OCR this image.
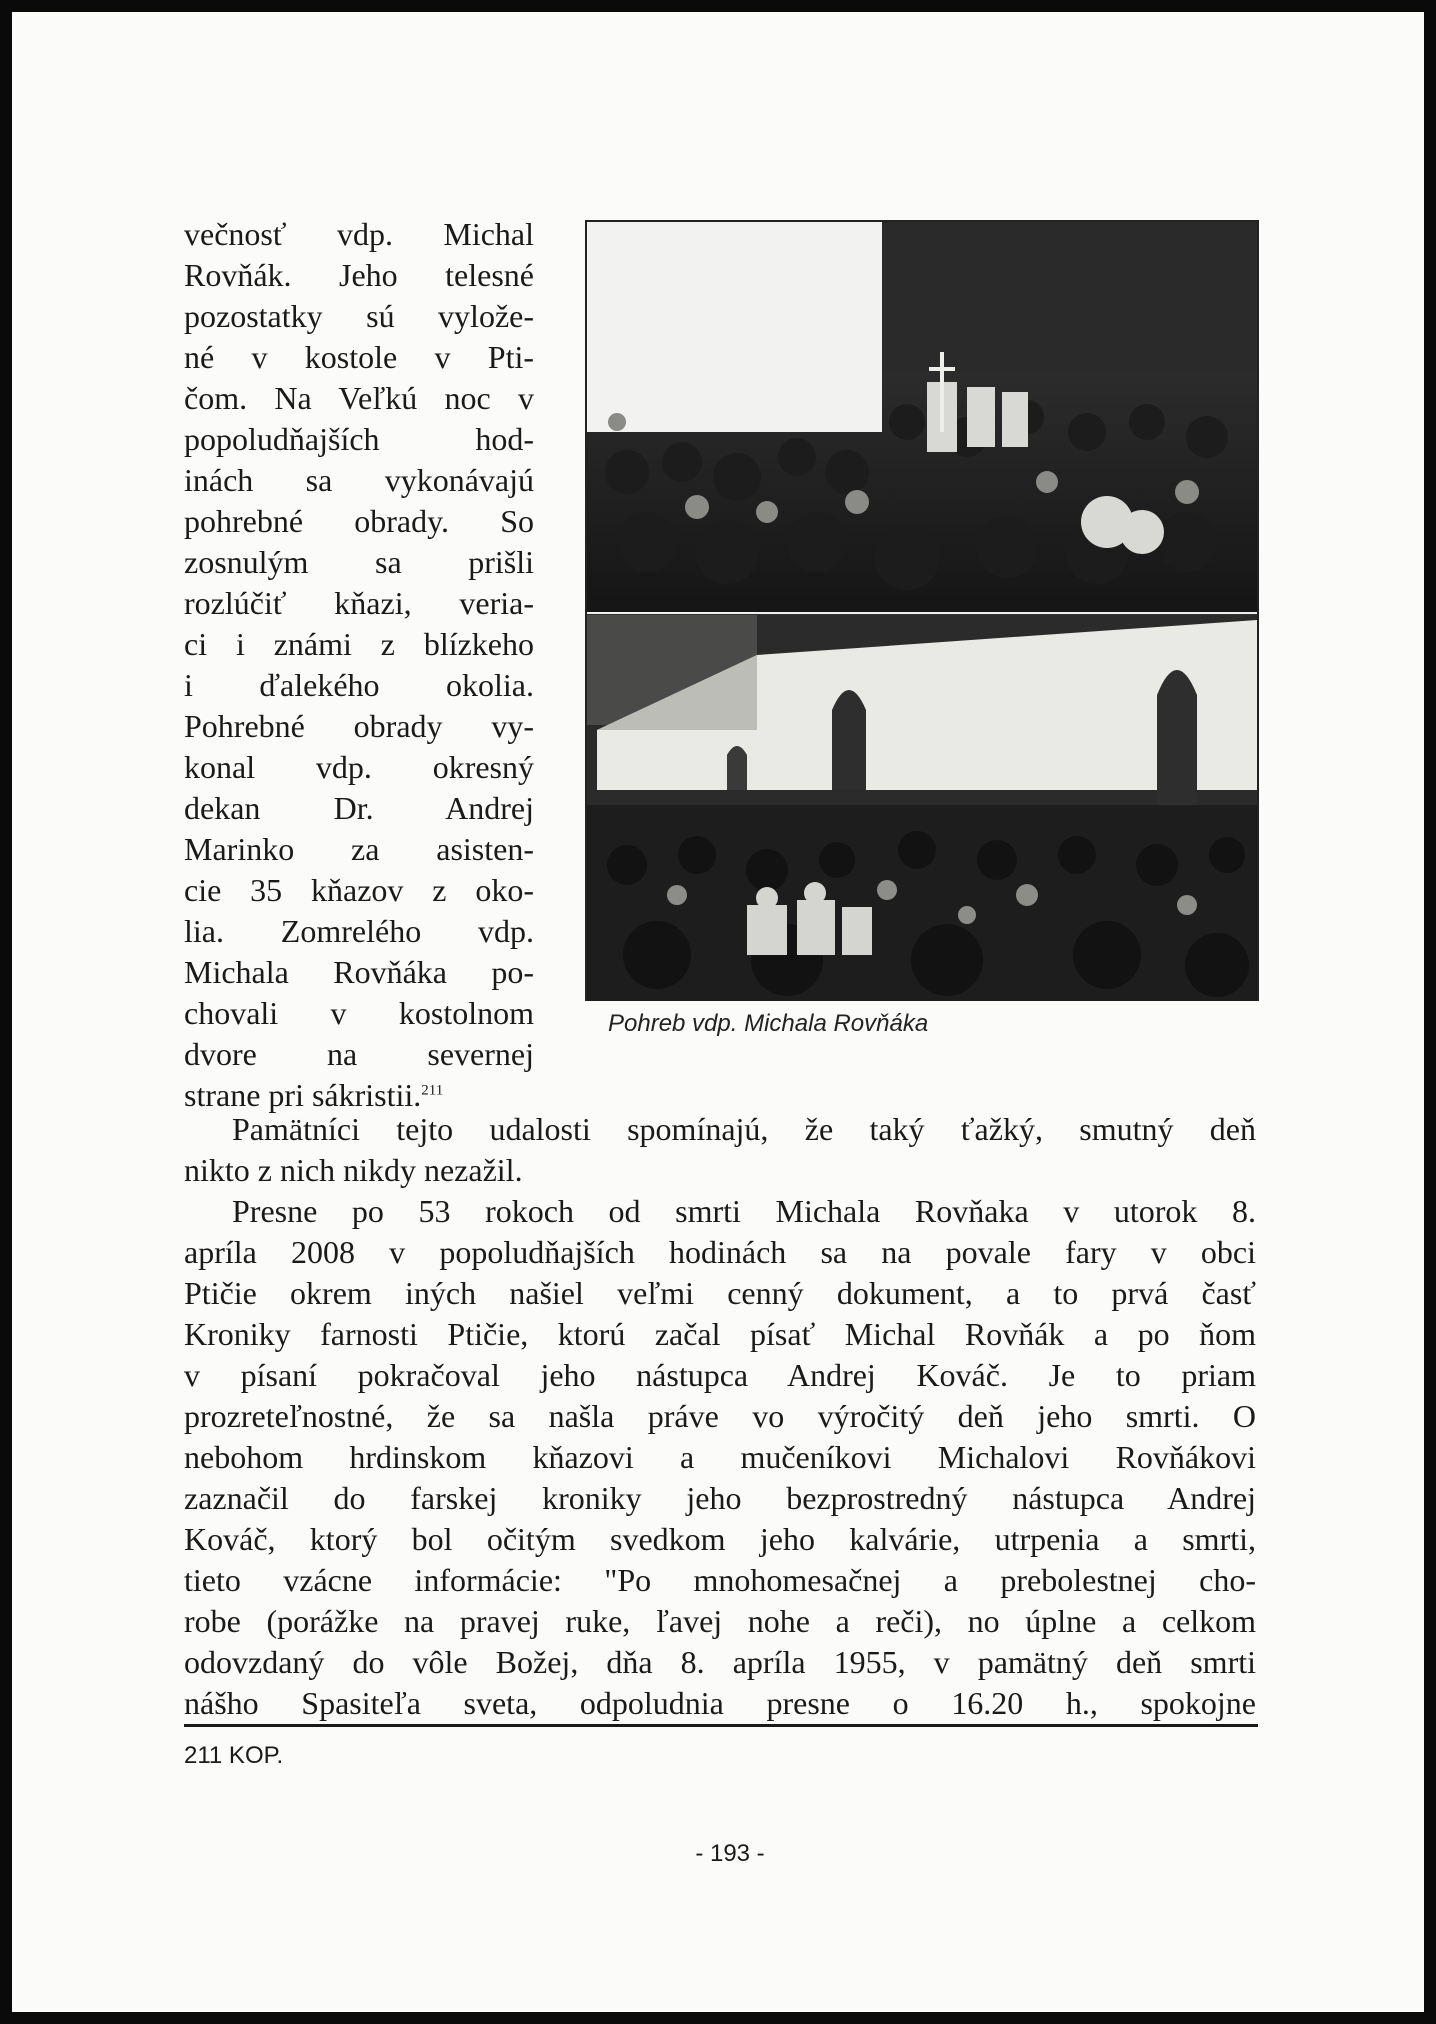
večnosť vdp. Michal
Rovňák. Jeho telesné
pozostatky sú vylože-
né v kostole v Pti-
čom. Na Veľkú noc v
popoludňajších hod-
inách sa vykonávajú
pohrebné obrady. So
zosnulým sa prišli
rozlúčiť kňazi, veria-
ci i známi z blízkeho
i ďalekého okolia.
Pohrebné obrady vy-
konal vdp. okresný
dekan Dr. Andrej
Marinko za asisten-
cie 35 kňazov z oko-
lia. Zomrelého vdp.
Michala Rovňáka po-
chovali v kostolnom
dvore na severnej
strane pri sákristii.$^{211}$
Pohreb vdp. Michala Rovňáka
Pamätníci tejto udalosti spomínajú, že taký ťažký, smutný deň
nikto z nich nikdy nezažil.
Presne po 53 rokoch od smrti Michala Rovňaka v utorok 8.
apríla 2008 v popoludňajších hodinách sa na povale fary v obci
Ptičie okrem iných našiel veľmi cenný dokument, a to prvá časť
Kroniky farnosti Ptičie, ktorú začal písať Michal Rovňák a po ňom
v písaní pokračoval jeho nástupca Andrej Kováč. Je to priam
prozreteľnostné, že sa našla práve vo výročitý deň jeho smrti. O
nebohom hrdinskom kňazovi a mučeníkovi Michalovi Rovňákovi
zaznačil do farskej kroniky jeho bezprostredný nástupca Andrej
Kováč, ktorý bol očitým svedkom jeho kalvárie, utrpenia a smrti,
tieto vzácne informácie: "Po mnohomesačnej a prebolestnej cho-
robe (porážke na pravej ruke, ľavej nohe a reči), no úplne a celkom
odovzdaný do vôle Božej, dňa 8. apríla 1955, v pamätný deň smrti
nášho Spasiteľa sveta, odpoludnia presne o 16.20 h., spokojne
211 KOP.
- 193 -
